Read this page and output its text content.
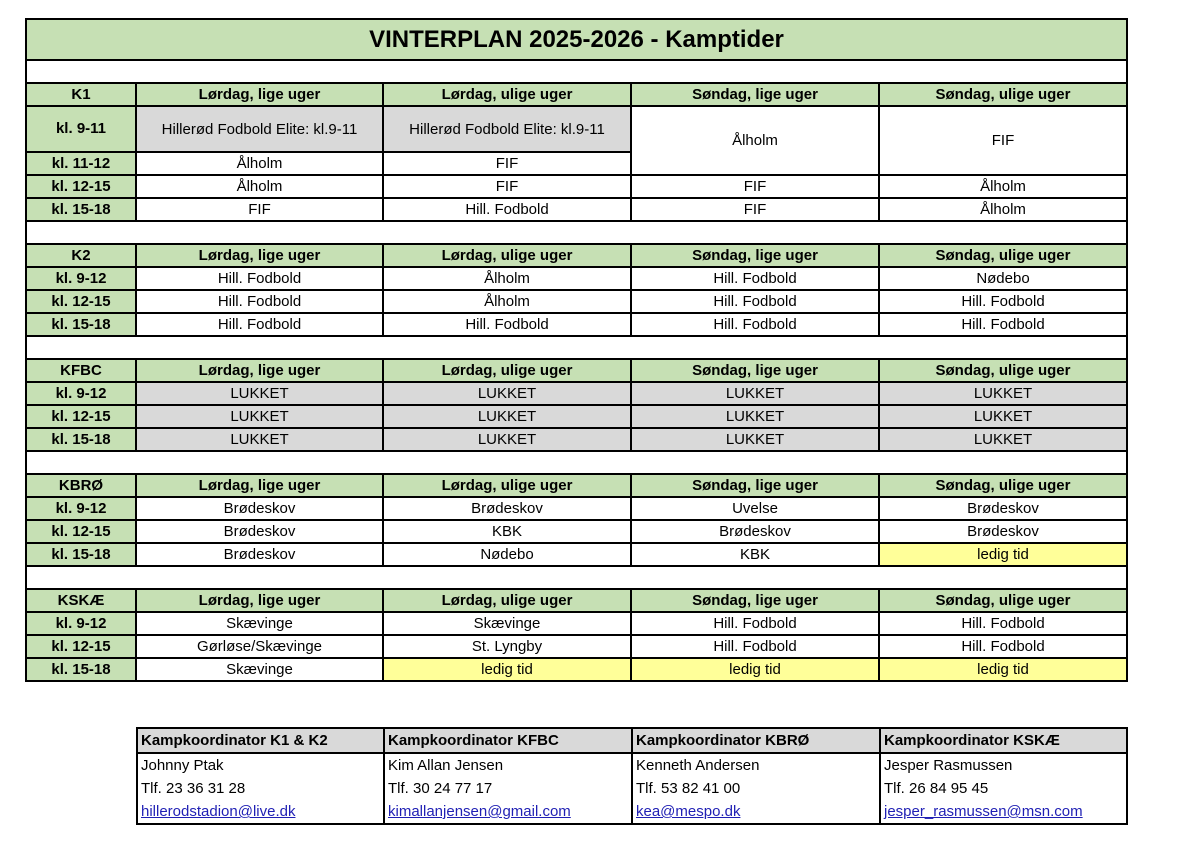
VINTERPLAN 2025-2026 - Kamptider				

K1	Lørdag, lige uger	Lørdag, ulige uger	Søndag, lige uger	Søndag, ulige uger
kl. 9-11	Hillerød Fodbold Elite: kl.9-11	Hillerød Fodbold Elite: kl.9-11	Ålholm	FIF
kl. 11-12	Ålholm	FIF		
kl. 12-15	Ålholm	FIF	FIF	Ålholm
kl. 15-18	FIF	Hill. Fodbold	FIF	Ålholm

K2	Lørdag, lige uger	Lørdag, ulige uger	Søndag, lige uger	Søndag, ulige uger
kl. 9-12	Hill. Fodbold	Ålholm	Hill. Fodbold	Nødebo
kl. 12-15	Hill. Fodbold	Ålholm	Hill. Fodbold	Hill. Fodbold
kl. 15-18	Hill. Fodbold	Hill. Fodbold	Hill. Fodbold	Hill. Fodbold

KFBC	Lørdag, lige uger	Lørdag, ulige uger	Søndag, lige uger	Søndag, ulige uger
kl. 9-12	LUKKET	LUKKET	LUKKET	LUKKET
kl. 12-15	LUKKET	LUKKET	LUKKET	LUKKET
kl. 15-18	LUKKET	LUKKET	LUKKET	LUKKET

KBRØ	Lørdag, lige uger	Lørdag, ulige uger	Søndag, lige uger	Søndag, ulige uger
kl. 9-12	Brødeskov	Brødeskov	Uvelse	Brødeskov
kl. 12-15	Brødeskov	KBK	Brødeskov	Brødeskov
kl. 15-18	Brødeskov	Nødebo	KBK	ledig tid

KSKÆ	Lørdag, lige uger	Lørdag, ulige uger	Søndag, lige uger	Søndag, ulige uger
kl. 9-12	Skævinge	Skævinge	Hill. Fodbold	Hill. Fodbold
kl. 12-15	Gørløse/Skævinge	St. Lyngby	Hill. Fodbold	Hill. Fodbold
kl. 15-18	Skævinge	ledig tid	ledig tid	ledig tid
Kampkoordinator K1 & K2	Kampkoordinator KFBC	Kampkoordinator KBRØ	Kampkoordinator KSKÆ
Johnny Ptak	Kim Allan Jensen	Kenneth Andersen	Jesper Rasmussen
Tlf. 23 36 31 28	Tlf. 30 24 77 17	Tlf. 53 82 41 00	Tlf. 26 84 95 45
hillerodstadion@live.dk	kimallanjensen@gmail.com	kea@mespo.dk	jesper_rasmussen@msn.com
